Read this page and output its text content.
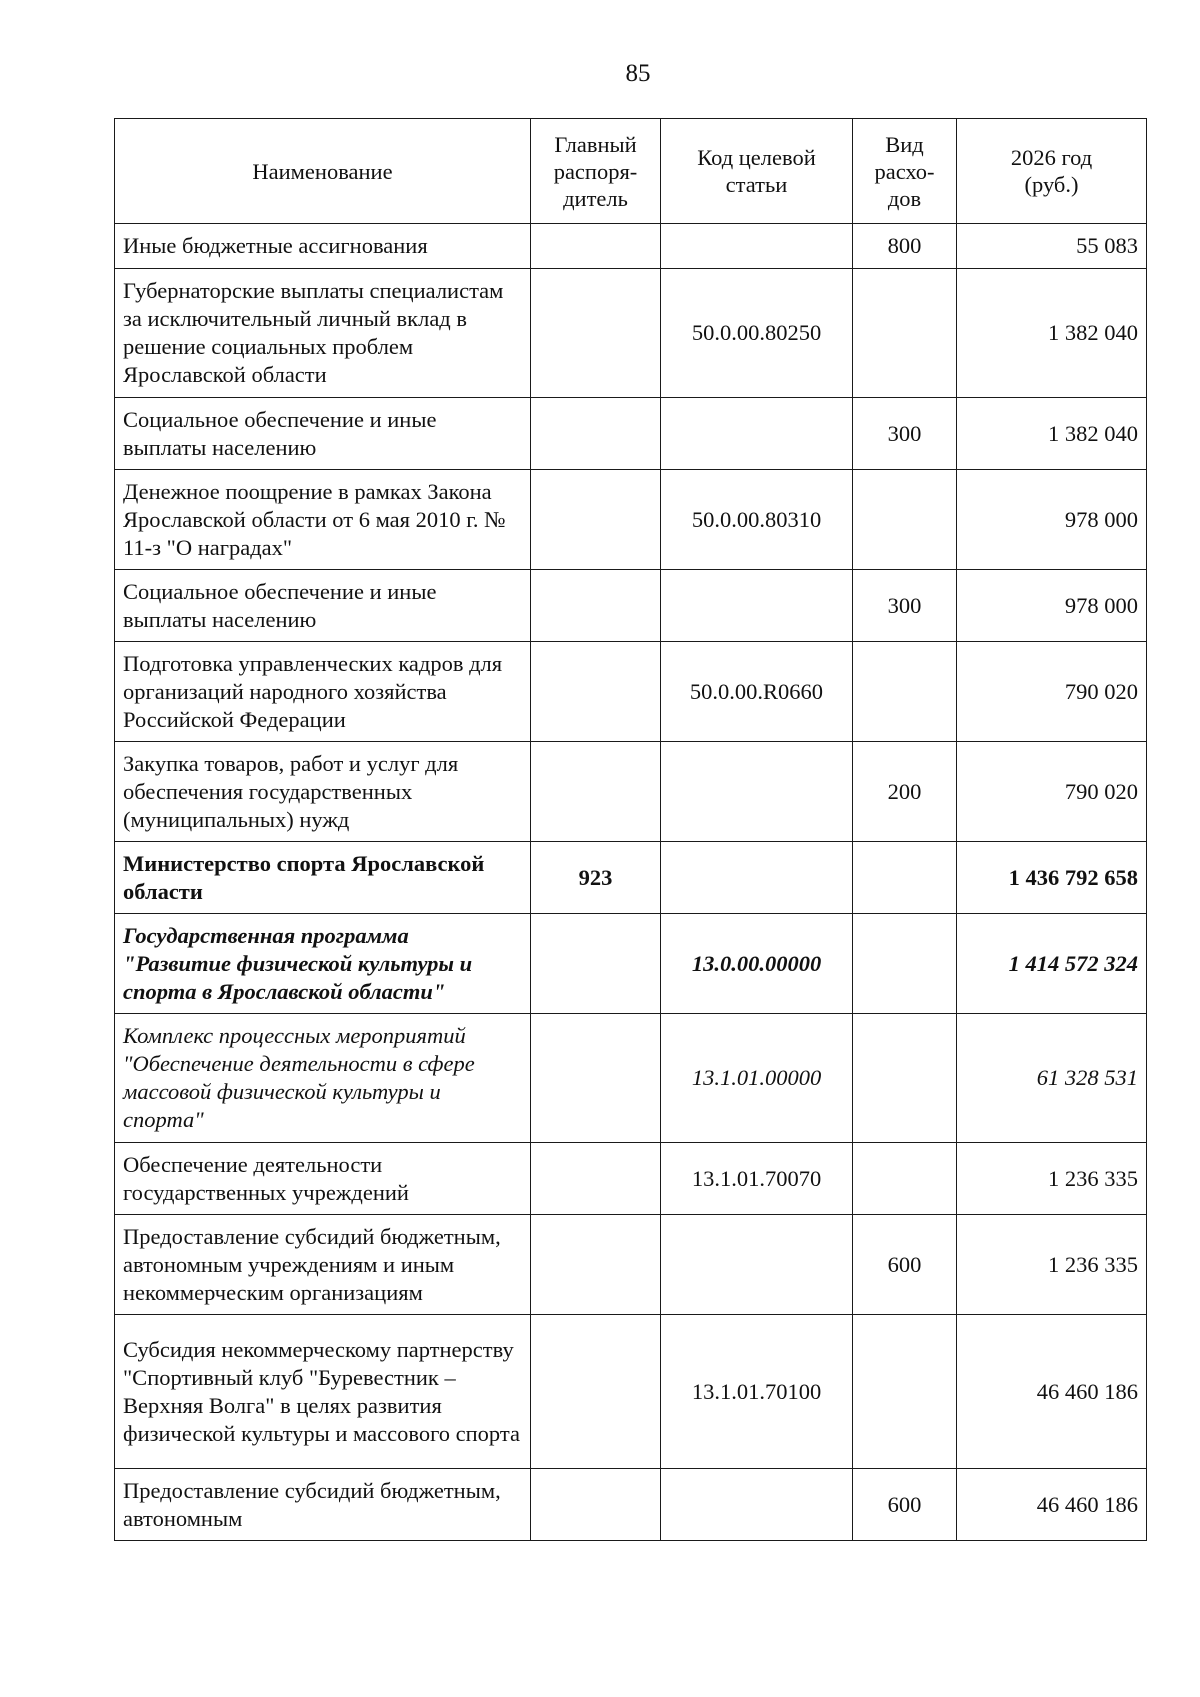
85
Наименование	Главный распоря-дитель	Код целевой статьи	Вид расхо-дов	2026 год (руб.)
Иные бюджетные ассигнования			800	55 083
Губернаторские выплаты специалистам за исключительный личный вклад в решение социальных проблем Ярославской области		50.0.00.80250		1 382 040
Социальное обеспечение и иные выплаты населению			300	1 382 040
Денежное поощрение в рамках Закона Ярославской области от 6 мая 2010 г. № 11-з "О наградах"		50.0.00.80310		978 000
Социальное обеспечение и иные выплаты населению			300	978 000
Подготовка управленческих кадров для организаций народного хозяйства Российской Федерации		50.0.00.R0660		790 020
Закупка товаров, работ и услуг для обеспечения государственных (муниципальных) нужд			200	790 020
Министерство спорта Ярославской области	923			1 436 792 658
Государственная программа "Развитие физической культуры и спорта в Ярославской области"		13.0.00.00000		1 414 572 324
Комплекс процессных мероприятий "Обеспечение деятельности в сфере массовой физической культуры и спорта"		13.1.01.00000		61 328 531
Обеспечение деятельности государственных учреждений		13.1.01.70070		1 236 335
Предоставление субсидий бюджетным, автономным учреждениям и иным некоммерческим организациям			600	1 236 335
Субсидия некоммерческому партнерству "Спортивный клуб "Буревестник – Верхняя Волга" в целях развития физической культуры и массового спорта		13.1.01.70100		46 460 186
Предоставление субсидий бюджетным, автономным			600	46 460 186
